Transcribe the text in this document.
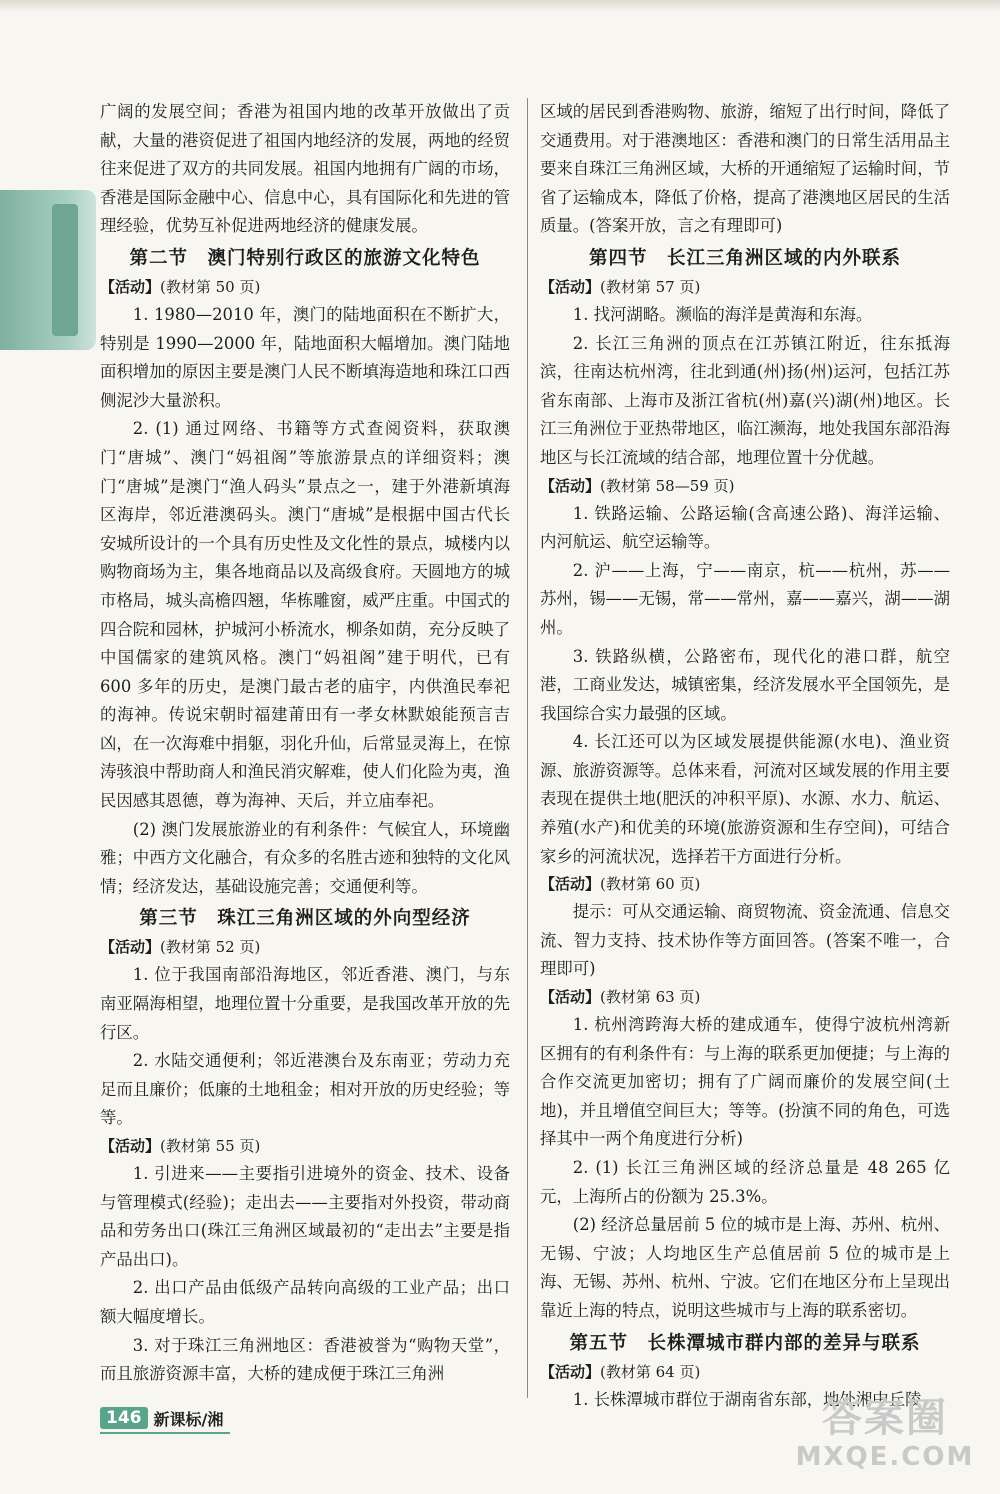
广阔的发展空间；香港为祖国内地的改革开放做出了贡献，大量的港资促进了祖国内地经济的发展，两地的经贸往来促进了双方的共同发展。祖国内地拥有广阔的市场，香港是国际金融中心、信息中心，具有国际化和先进的管理经验，优势互补促进两地经济的健康发展。

第二节　澳门特别行政区的旅游文化特色
【活动】(教材第 50 页)

1. 1980—2010 年，澳门的陆地面积在不断扩大，特别是 1990—2000 年，陆地面积大幅增加。澳门陆地面积增加的原因主要是澳门人民不断填海造地和珠江口西侧泥沙大量淤积。

2. (1) 通过网络、书籍等方式查阅资料，获取澳门“唐城”、澳门“妈祖阁”等旅游景点的详细资料；澳门“唐城”是澳门“渔人码头”景点之一，建于外港新填海区海岸，邻近港澳码头。澳门“唐城”是根据中国古代长安城所设计的一个具有历史性及文化性的景点，城楼内以购物商场为主，集各地商品以及高级食府。天圆地方的城市格局，城头高檐四翘，华栋雕窗，威严庄重。中国式的四合院和园林，护城河小桥流水，柳条如荫，充分反映了中国儒家的建筑风格。澳门“妈祖阁”建于明代，已有 600 多年的历史，是澳门最古老的庙宇，内供渔民奉祀的海神。传说宋朝时福建莆田有一孝女林默娘能预言吉凶，在一次海难中捐躯，羽化升仙，后常显灵海上，在惊涛骇浪中帮助商人和渔民消灾解难，使人们化险为夷，渔民因感其恩德，尊为海神、天后，并立庙奉祀。

(2) 澳门发展旅游业的有利条件：气候宜人，环境幽雅；中西方文化融合，有众多的名胜古迹和独特的文化风情；经济发达，基础设施完善；交通便利等。

第三节　珠江三角洲区域的外向型经济
【活动】(教材第 52 页)

1. 位于我国南部沿海地区，邻近香港、澳门，与东南亚隔海相望，地理位置十分重要，是我国改革开放的先行区。

2. 水陆交通便利；邻近港澳台及东南亚；劳动力充足而且廉价；低廉的土地租金；相对开放的历史经验；等等。

【活动】(教材第 55 页)

1. 引进来——主要指引进境外的资金、技术、设备与管理模式(经验)；走出去——主要指对外投资，带动商品和劳务出口(珠江三角洲区域最初的“走出去”主要是指产品出口)。

2. 出口产品由低级产品转向高级的工业产品；出口额大幅度增长。

3. 对于珠江三角洲地区：香港被誉为“购物天堂”，而且旅游资源丰富，大桥的建成便于珠江三角洲

区域的居民到香港购物、旅游，缩短了出行时间，降低了交通费用。对于港澳地区：香港和澳门的日常生活用品主要来自珠江三角洲区域，大桥的开通缩短了运输时间，节省了运输成本，降低了价格，提高了港澳地区居民的生活质量。(答案开放，言之有理即可)

第四节　长江三角洲区域的内外联系
【活动】(教材第 57 页)

1. 找河湖略。濒临的海洋是黄海和东海。

2. 长江三角洲的顶点在江苏镇江附近，往东抵海滨，往南达杭州湾，往北到通(州)扬(州)运河，包括江苏省东南部、上海市及浙江省杭(州)嘉(兴)湖(州)地区。长江三角洲位于亚热带地区，临江濒海，地处我国东部沿海地区与长江流域的结合部，地理位置十分优越。

【活动】(教材第 58—59 页)

1. 铁路运输、公路运输(含高速公路)、海洋运输、内河航运、航空运输等。

2. 沪——上海，宁——南京，杭——杭州，苏——苏州，锡——无锡，常——常州，嘉——嘉兴，湖——湖州。

3. 铁路纵横，公路密布，现代化的港口群，航空港，工商业发达，城镇密集，经济发展水平全国领先，是我国综合实力最强的区域。

4. 长江还可以为区域发展提供能源(水电)、渔业资源、旅游资源等。总体来看，河流对区域发展的作用主要表现在提供土地(肥沃的冲积平原)、水源、水力、航运、养殖(水产)和优美的环境(旅游资源和生存空间)，可结合家乡的河流状况，选择若干方面进行分析。

【活动】(教材第 60 页)

提示：可从交通运输、商贸物流、资金流通、信息交流、智力支持、技术协作等方面回答。(答案不唯一，合理即可)

【活动】(教材第 63 页)

1. 杭州湾跨海大桥的建成通车，使得宁波杭州湾新区拥有的有利条件有：与上海的联系更加便捷；与上海的合作交流更加密切；拥有了广阔而廉价的发展空间(土地)，并且增值空间巨大；等等。(扮演不同的角色，可选择其中一两个角度进行分析)

2. (1) 长江三角洲区域的经济总量是 48 265 亿元，上海所占的份额为 25.3%。

(2) 经济总量居前 5 位的城市是上海、苏州、杭州、无锡、宁波；人均地区生产总值居前 5 位的城市是上海、无锡、苏州、杭州、宁波。它们在地区分布上呈现出靠近上海的特点，说明这些城市与上海的联系密切。

第五节　长株潭城市群内部的差异与联系
【活动】(教材第 64 页)

1. 长株潭城市群位于湖南省东部，地处湘中丘陵

146 新课标/湘	答案圈
MXQE.COM
